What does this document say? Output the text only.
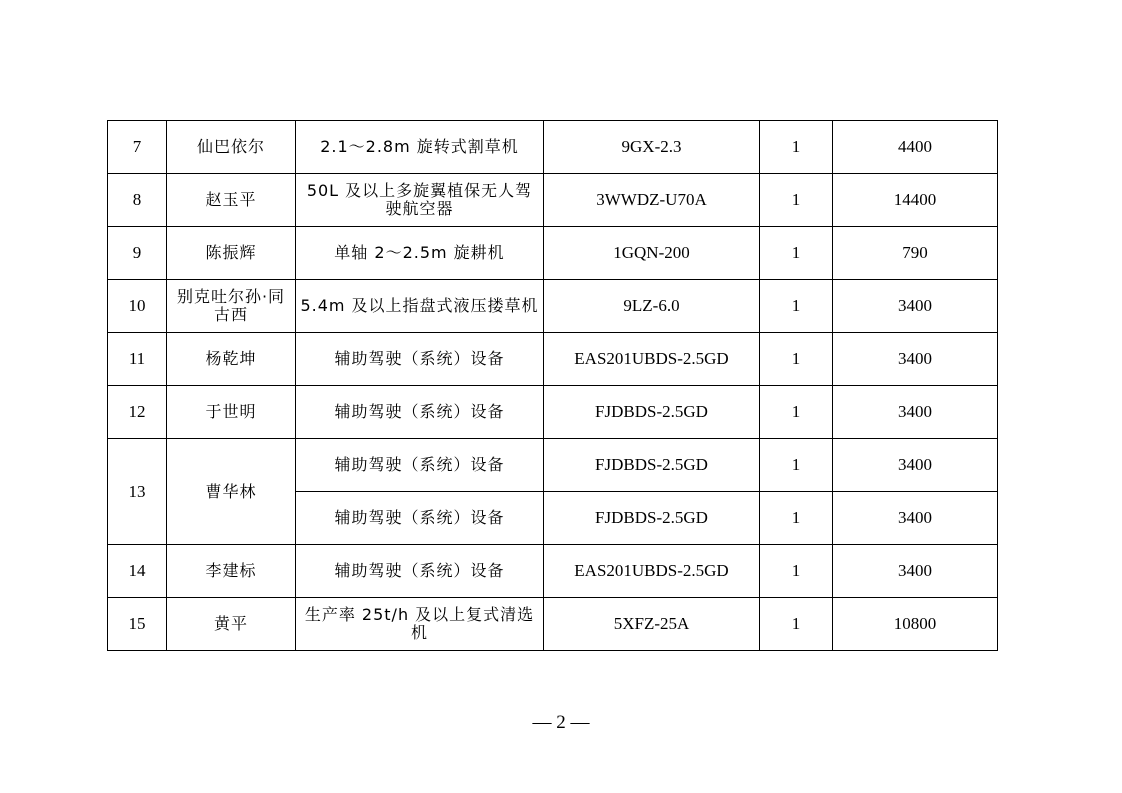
7	仙巴依尔	2.1～2.8m 旋转式割草机	9GX-2.3	1	4400
8	赵玉平	50L 及以上多旋翼植保无人驾驶航空器	3WWDZ-U70A	1	14400
9	陈振辉	单轴 2～2.5m 旋耕机	1GQN-200	1	790
10	别克吐尔孙·同古西	5.4m 及以上指盘式液压搂草机	9LZ-6.0	1	3400
11	杨乾坤	辅助驾驶（系统）设备	EAS201UBDS-2.5GD	1	3400
12	于世明	辅助驾驶（系统）设备	FJDBDS-2.5GD	1	3400
13	曹华林	辅助驾驶（系统）设备	FJDBDS-2.5GD	1	3400
		辅助驾驶（系统）设备	FJDBDS-2.5GD	1	3400
14	李建标	辅助驾驶（系统）设备	EAS201UBDS-2.5GD	1	3400
15	黄平	生产率 25t/h 及以上复式清选机	5XFZ-25A	1	10800
— 2 —
